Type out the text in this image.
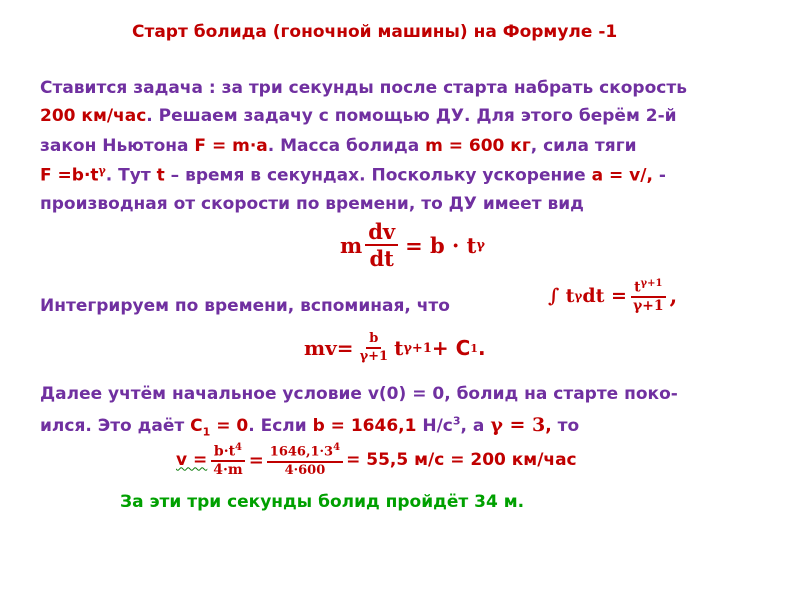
Старт болида (гоночной машины) на Формуле -1
Ставится задача : за три секунды после старта набрать скорость
200 км/час. Решаем задачу с помощью ДУ. Для этого берём 2-й
закон Ньютона F = m·a. Масса болида m = 600 кг, сила тяги
$F =b\cdot t^\gamma$. Тут t – время в секундах. Поскольку ускорение a = v/, -
производная от скорости по времени, то ДУ имеет вид
m $\frac{dv}{dt} = b \cdot t$ γ
Интегрируем по времени, вспоминая, что	∫ t γ dt = $\frac{t^{\gamma+1}}{\gamma+1}$ ,
mv = $\frac{b}{\gamma+1}$ t γ+1 + C 1 .
Далее учтём начальное условие v(0) = 0, болид на старте поко-
ился. Это даёт $C_1 = 0$. Если b = 1646,1 $Н/с^3$, а γ = 3, то
$v = \frac{b\cdot t^4}{4\cdot m} = \frac{1646,1\cdot 3^4}{4\cdot 600} = 55,5$ м/с = 200 км/час
За эти три секунды болид пройдёт 34 м.
